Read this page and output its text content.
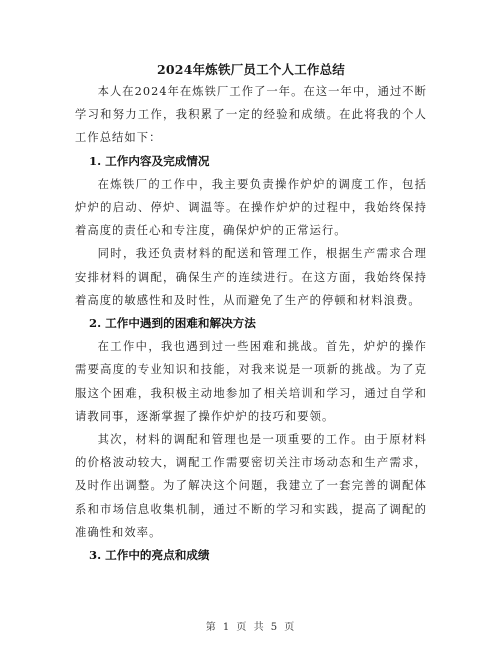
2024年炼铁厂员工个人工作总结

本人在2024年在炼铁厂工作了一年。在这一年中，通过不断学习和努力工作，我积累了一定的经验和成绩。在此将我的个人工作总结如下：

1. 工作内容及完成情况

在炼铁厂的工作中，我主要负责操作炉炉的调度工作，包括炉炉的启动、停炉、调温等。在操作炉炉的过程中，我始终保持着高度的责任心和专注度，确保炉炉的正常运行。

同时，我还负责材料的配送和管理工作，根据生产需求合理安排材料的调配，确保生产的连续进行。在这方面，我始终保持着高度的敏感性和及时性，从而避免了生产的停顿和材料浪费。

2. 工作中遇到的困难和解决方法

在工作中，我也遇到过一些困难和挑战。首先，炉炉的操作需要高度的专业知识和技能，对我来说是一项新的挑战。为了克服这个困难，我积极主动地参加了相关培训和学习，通过自学和请教同事，逐渐掌握了操作炉炉的技巧和要领。

其次，材料的调配和管理也是一项重要的工作。由于原材料的价格波动较大，调配工作需要密切关注市场动态和生产需求，及时作出调整。为了解决这个问题，我建立了一套完善的调配体系和市场信息收集机制，通过不断的学习和实践，提高了调配的准确性和效率。

3. 工作中的亮点和成绩

第 1 页 共 5 页
